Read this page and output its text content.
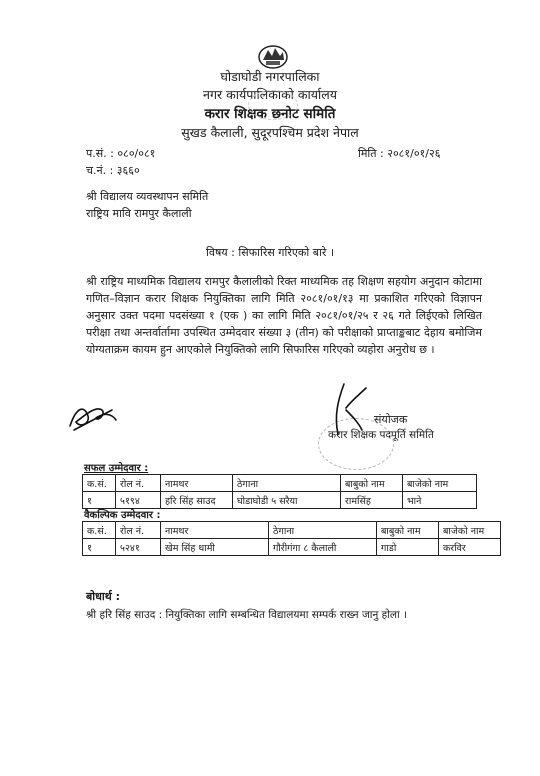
घोडाघोडी नगरपालिका
नगर कार्यपालिकाको कार्यालय
करार शिक्षक छनोट समिति
सुखड कैलाली, सुदूरपश्चिम प्रदेश नेपाल
प.सं. : ०८०/०८१
च.नं. : ३६६०
मिति : २०८१/०१/२६
श्री विद्यालय व्यवस्थापन समिति
राष्ट्रिय मावि रामपुर कैलाली
विषय : सिफारिस गरिएको बारे ।
श्री राष्ट्रिय माध्यमिक विद्यालय रामपुर कैलालीको रिक्त माध्यमिक तह शिक्षण सहयोग अनुदान कोटामा गणित–विज्ञान करार शिक्षक नियुक्तिका लागि मिति २०८१/०१/१३ मा प्रकाशित गरिएको विज्ञापन अनुसार उक्त पदमा पदसंख्या १ (एक ) का लागि मिति २०८१/०१/२५ र २६ गते लिईएको लिखित परीक्षा तथा अन्तर्वार्तामा उपस्थित उम्मेदवार संख्या ३ (तीन) को परीक्षाको प्राप्ताङ्कबाट देहाय बमोजिम योग्यताक्रम कायम हुन आएकोले नियुक्तिको लागि सिफारिस गरिएको व्यहोरा अनुरोध छ ।
संयोजक
करार शिक्षक पदपूर्ति समिति
सफल उम्मेदवार :
क.सं.	रोल नं.	नामथर	ठेगाना	बाबुको नाम	बाजेको नाम
१	५१९४	हरि सिंह साउद	घोडाघोडी ५ सरैया	रामसिंह	भाने
वैकल्पिक उम्मेदवार :
क.सं.	रोल नं.	नामथर	ठेगाना	बाबुको नाम	बाजेको नाम
१	५२४१	खेम सिंह धामी	गौरीगंगा ८ कैलाली	गाडो	करविर
बोधार्थ :
श्री हरि सिंह साउद : नियुक्तिका लागि सम्बन्धित विद्यालयमा सम्पर्क राख्न जानु होला ।
